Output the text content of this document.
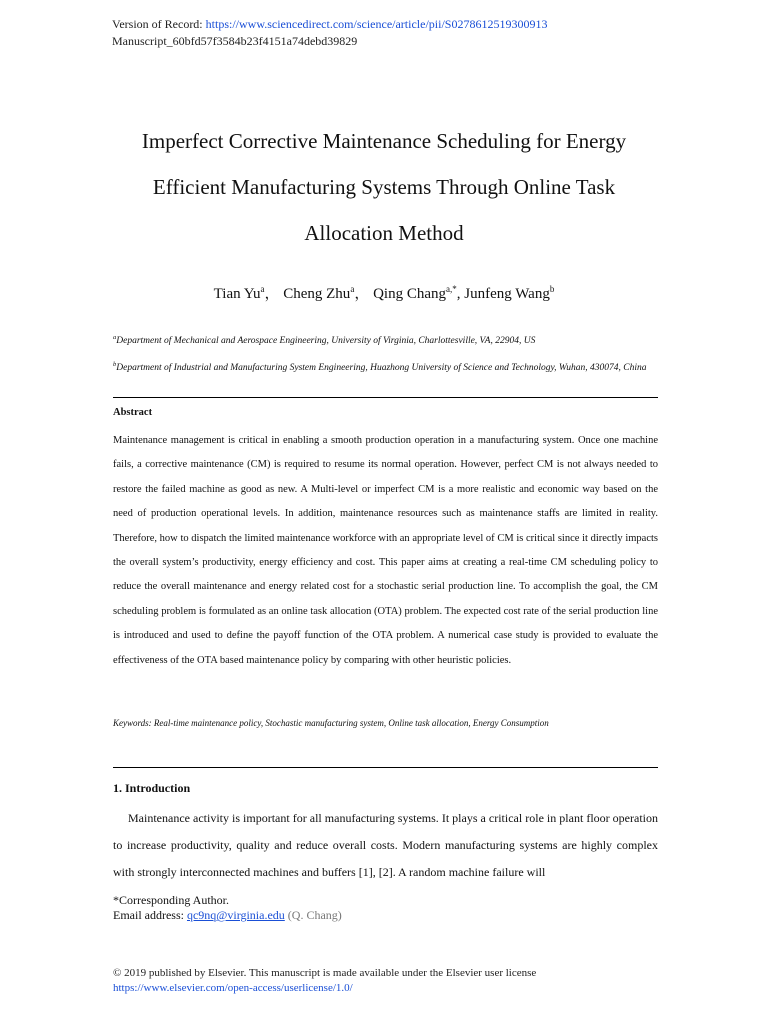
Version of Record: https://www.sciencedirect.com/science/article/pii/S0278612519300913
Manuscript_60bfd57f3584b23f4151a74debd39829
Imperfect Corrective Maintenance Scheduling for Energy
Efficient Manufacturing Systems Through Online Task
Allocation Method
Tian Yu$^a$， Cheng Zhu$^a$， Qing Chang$^{a,*}$, Junfeng Wang$^b$
$^a$Department of Mechanical and Aerospace Engineering, University of Virginia, Charlottesville, VA, 22904, US
$^b$Department of Industrial and Manufacturing System Engineering, Huazhong University of Science and Technology, Wuhan, 430074, China
Abstract
Maintenance management is critical in enabling a smooth production operation in a manufacturing system. Once one machine fails, a corrective maintenance (CM) is required to resume its normal operation. However, perfect CM is not always needed to restore the failed machine as good as new. A Multi-level or imperfect CM is a more realistic and economic way based on the need of production operational levels. In addition, maintenance resources such as maintenance staffs are limited in reality. Therefore, how to dispatch the limited maintenance workforce with an appropriate level of CM is critical since it directly impacts the overall system’s productivity, energy efficiency and cost. This paper aims at creating a real-time CM scheduling policy to reduce the overall maintenance and energy related cost for a stochastic serial production line. To accomplish the goal, the CM scheduling problem is formulated as an online task allocation (OTA) problem. The expected cost rate of the serial production line is introduced and used to define the payoff function of the OTA problem. A numerical case study is provided to evaluate the effectiveness of the OTA based maintenance policy by comparing with other heuristic policies.
Keywords: Real-time maintenance policy, Stochastic manufacturing system, Online task allocation, Energy Consumption
1. Introduction
Maintenance activity is important for all manufacturing systems. It plays a critical role in plant floor operation to increase productivity, quality and reduce overall costs. Modern manufacturing systems are highly complex with strongly interconnected machines and buffers [1], [2]. A random machine failure will
*Corresponding Author.
Email address: qc9nq@virginia.edu (Q. Chang)
© 2019 published by Elsevier. This manuscript is made available under the Elsevier user license
https://www.elsevier.com/open-access/userlicense/1.0/
